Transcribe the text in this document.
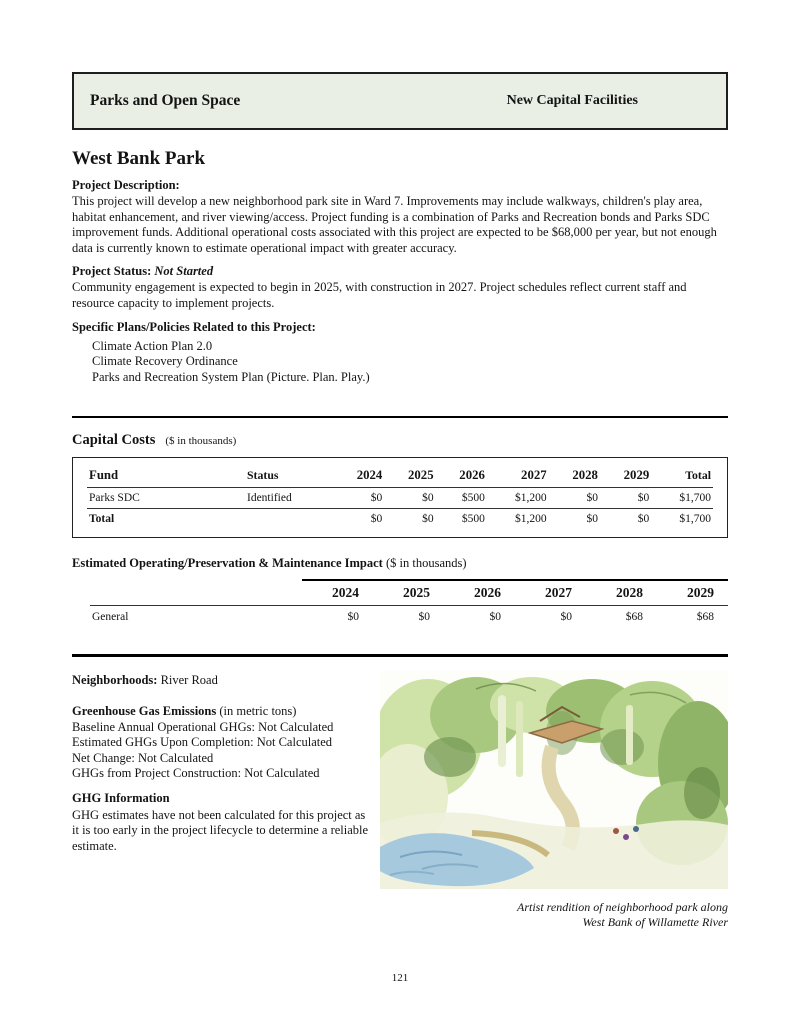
Parks and Open Space	New Capital Facilities
West Bank Park

Project Description:

This project will develop a new neighborhood park site in Ward 7. Improvements may include walkways, children's play area, habitat enhancement, and river viewing/access. Project funding is a combination of Parks and Recreation bonds and Parks SDC improvement funds. Additional operational costs associated with this project are expected to be $68,000 per year, but not enough data is currently known to estimate operational impact with greater accuracy.

Project Status: Not Started

Community engagement is expected to begin in 2025, with construction in 2027. Project schedules reflect current staff and resource capacity to implement projects.

Specific Plans/Policies Related to this Project:

Climate Action Plan 2.0

Climate Recovery Ordinance

Parks and Recreation System Plan (Picture. Plan. Play.)

Capital Costs ($ in thousands)

Fund	Status	2024	2025	2026	2027	2028	2029	Total
Parks SDC	Identified	$0	$0	$500	$1,200	$0	$0	$1,700
Total		$0	$0	$500	$1,200	$0	$0	$1,700

Estimated Operating/Preservation & Maintenance Impact ($ in thousands)

	2024	2025	2026	2027	2028	2029
General	$0	$0	$0	$0	$68	$68

Neighborhoods: River Road

Greenhouse Gas Emissions (in metric tons)

Baseline Annual Operational GHGs: Not Calculated

Estimated GHGs Upon Completion: Not Calculated

Net Change: Not Calculated

GHGs from Project Construction: Not Calculated

GHG Information

GHG estimates have not been calculated for this project as it is too early in the project lifecycle to determine a reliable estimate.

Artist rendition of neighborhood park along
West Bank of Willamette River

121
